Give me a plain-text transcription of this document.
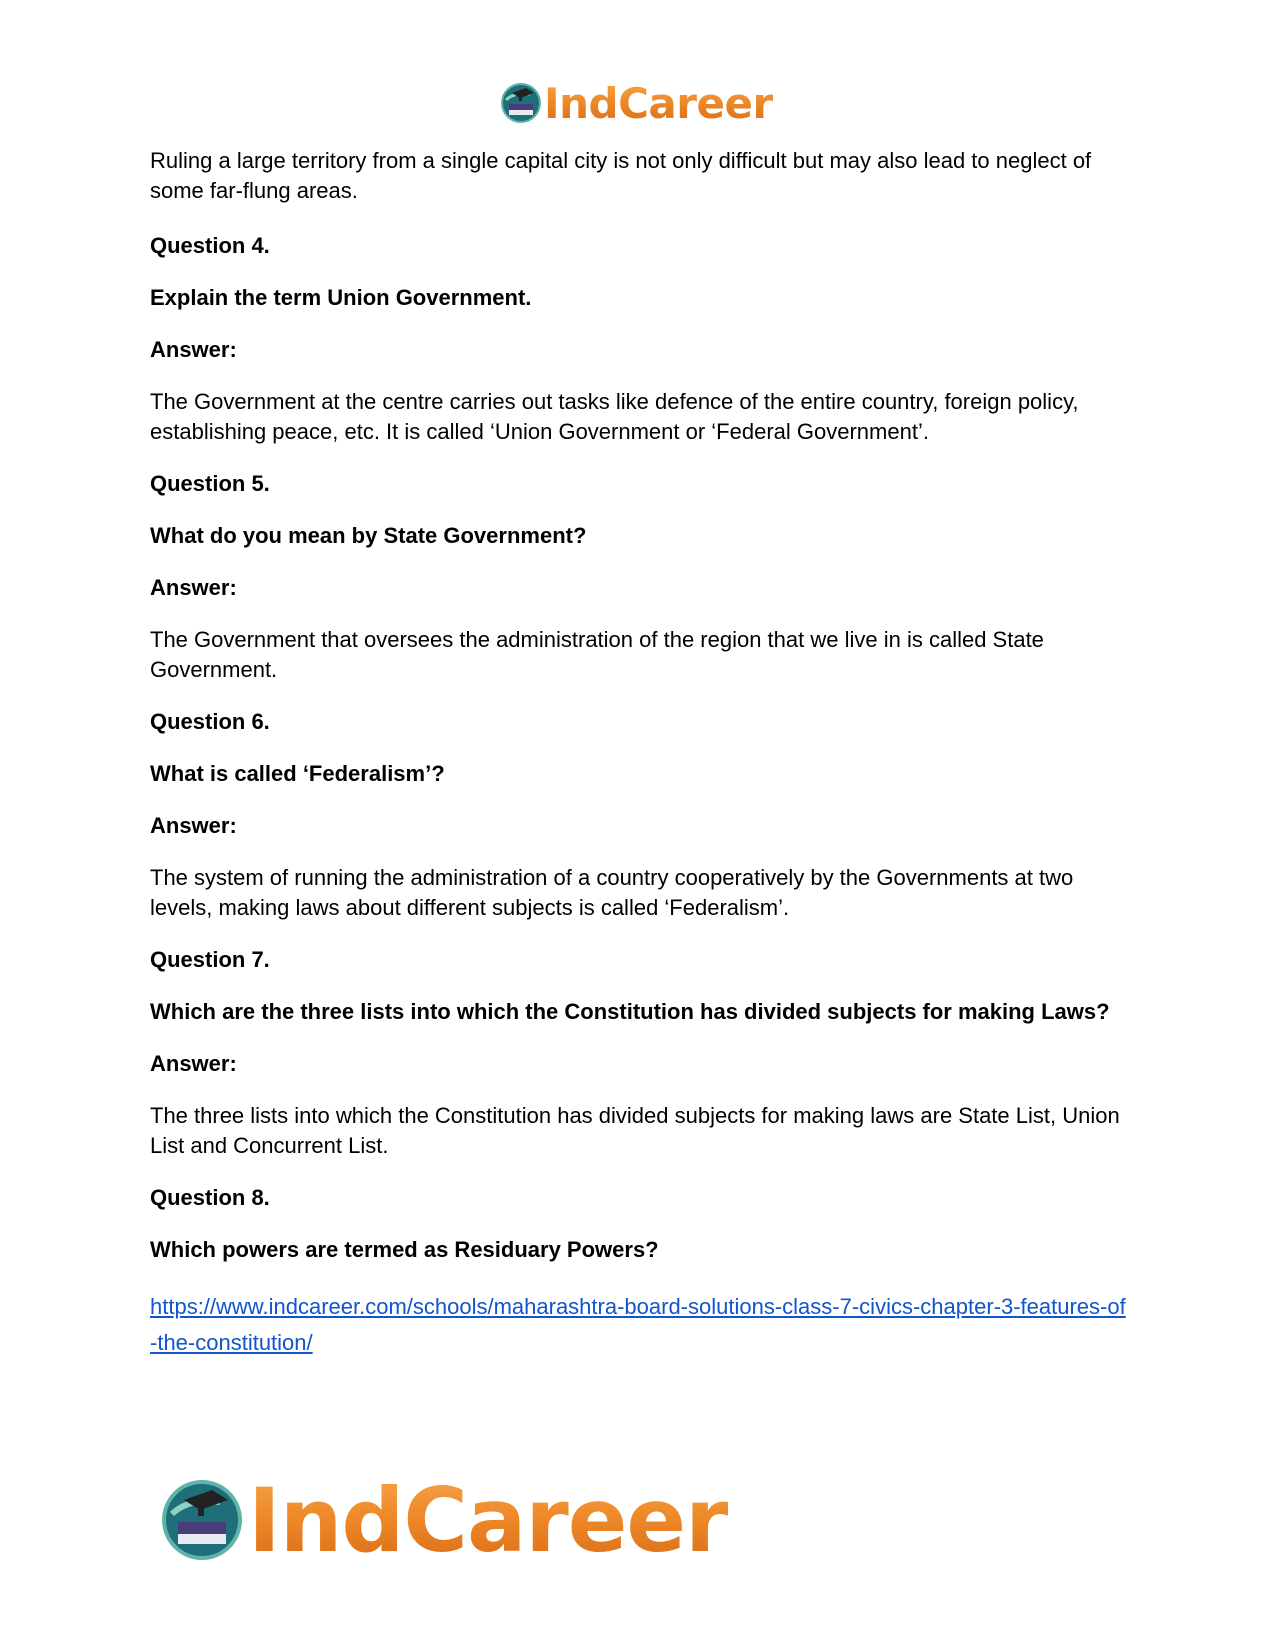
IndCareer

Ruling a large territory from a single capital city is not only difficult but may also lead to neglect of some far-flung areas.

Question 4.

Explain the term Union Government.

Answer:

The Government at the centre carries out tasks like defence of the entire country, foreign policy, establishing peace, etc. It is called ‘Union Government or ‘Federal Government’.

Question 5.

What do you mean by State Government?

Answer:

The Government that oversees the administration of the region that we live in is called State Government.

Question 6.

What is called ‘Federalism’?

Answer:

The system of running the administration of a country cooperatively by the Governments at two levels, making laws about different subjects is called ‘Federalism’.

Question 7.

Which are the three lists into which the Constitution has divided subjects for making Laws?

Answer:

The three lists into which the Constitution has divided subjects for making laws are State List, Union List and Concurrent List.

Question 8.

Which powers are termed as Residuary Powers?

https://www.indcareer.com/schools/maharashtra-board-solutions-class-7-civics-chapter-3-features-of-the-constitution/
IndCareer
